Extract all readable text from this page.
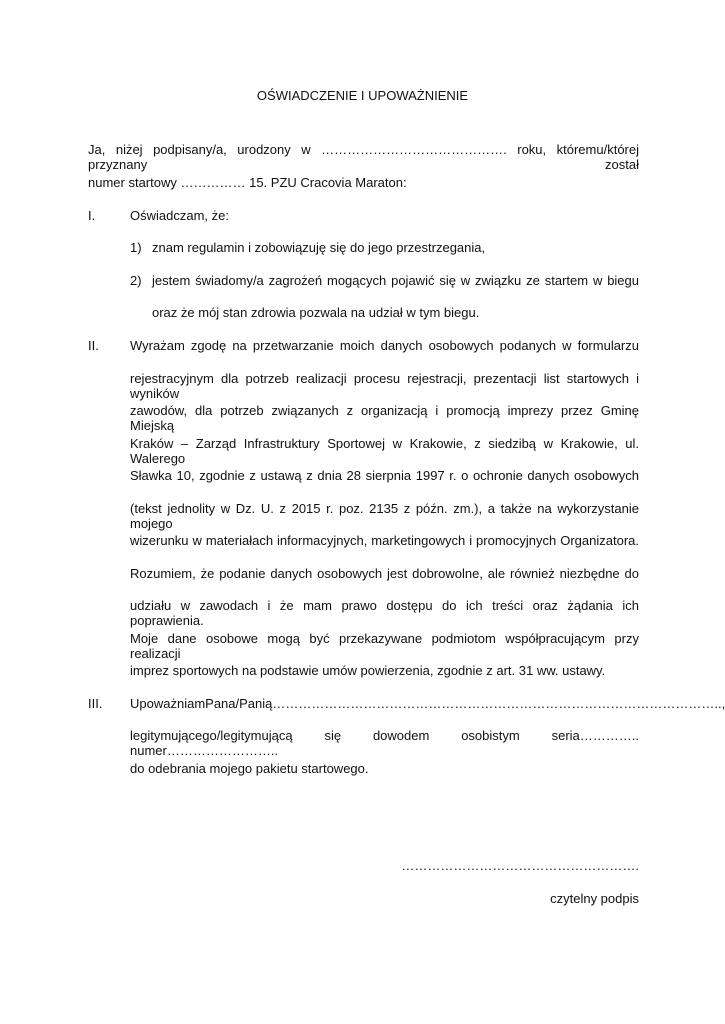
OŚWIADCZENIE I UPOWAŻNIENIE
Ja, niżej podpisany/a, urodzony w ……………………………………. roku, któremu/której przyznany został
numer startowy …………… 15. PZU Cracovia Maraton:
I.	Oświadczam, że:
1) znam regulamin i zobowiązuję się do jego przestrzegania,
2) jestem świadomy/a zagrożeń mogących pojawić się w związku ze startem w biegu
oraz że mój stan zdrowia pozwala na udział w tym biegu.
II. Wyrażam zgodę na przetwarzanie moich danych osobowych podanych w formularzu
rejestracyjnym dla potrzeb realizacji procesu rejestracji, prezentacji list startowych i wyników
zawodów, dla potrzeb związanych z organizacją i promocją imprezy przez Gminę Miejską
Kraków – Zarząd Infrastruktury Sportowej w Krakowie, z siedzibą w Krakowie, ul. Walerego
Sławka 10, zgodnie z ustawą z dnia 28 sierpnia 1997 r. o ochronie danych osobowych
(tekst jednolity w Dz. U. z 2015 r. poz. 2135 z późn. zm.), a także na wykorzystanie mojego
wizerunku w materiałach informacyjnych, marketingowych i promocyjnych Organizatora.
Rozumiem, że podanie danych osobowych jest dobrowolne, ale również niezbędne do
udziału w zawodach i że mam prawo dostępu do ich treści oraz żądania ich poprawienia.
Moje dane osobowe mogą być przekazywane podmiotom współpracującym przy realizacji
imprez sportowych na podstawie umów powierzenia, zgodnie z art. 31 ww. ustawy.
III. Upoważniam Pana/Panią …………………………………………………………………………………………..,
legitymującego/legitymującą się dowodem osobistym seria………….. numer……………………..
do odebrania mojego pakietu startowego.
……………………………………………….
czytelny podpis
